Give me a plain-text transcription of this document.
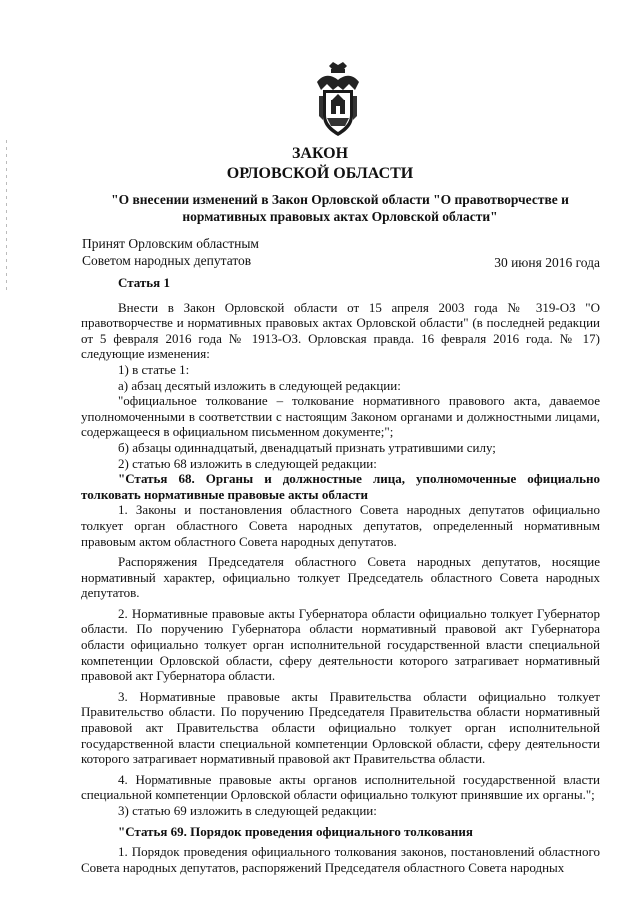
ЗАКОН
ОРЛОВСКОЙ ОБЛАСТИ
"О внесении изменений в Закон Орловской области "О правотворчестве и нормативных правовых актах Орловской области"
Принят Орловским областным
Советом народных депутатов	30 июня 2016 года

Статья 1

Внести в Закон Орловской области от 15 апреля 2003 года № 319-ОЗ "О правотворчестве и нормативных правовых актах Орловской области" (в последней редакции от 5 февраля 2016 года № 1913-ОЗ. Орловская правда. 16 февраля 2016 года. № 17) следующие изменения:

1) в статье 1:

а) абзац десятый изложить в следующей редакции:

"официальное толкование – толкование нормативного правового акта, даваемое уполномоченными в соответствии с настоящим Законом органами и должностными лицами, содержащееся в официальном письменном документе;";

б) абзацы одиннадцатый, двенадцатый признать утратившими силу;

2) статью 68 изложить в следующей редакции:

"Статья 68. Органы и должностные лица, уполномоченные официально толковать нормативные правовые акты области

1. Законы и постановления областного Совета народных депутатов официально толкует орган областного Совета народных депутатов, определенный нормативным правовым актом областного Совета народных депутатов.

Распоряжения Председателя областного Совета народных депутатов, носящие нормативный характер, официально толкует Председатель областного Совета народных депутатов.

2. Нормативные правовые акты Губернатора области официально толкует Губернатор области. По поручению Губернатора области нормативный правовой акт Губернатора области официально толкует орган исполнительной государственной власти специальной компетенции Орловской области, сферу деятельности которого затрагивает нормативный правовой акт Губернатора области.

3. Нормативные правовые акты Правительства области официально толкует Правительство области. По поручению Председателя Правительства области нормативный правовой акт Правительства области официально толкует орган исполнительной государственной власти специальной компетенции Орловской области, сферу деятельности которого затрагивает нормативный правовой акт Правительства области.

4. Нормативные правовые акты органов исполнительной государственной власти специальной компетенции Орловской области официально толкуют принявшие их органы.";

3) статью 69 изложить в следующей редакции:

"Статья 69. Порядок проведения официального толкования

1. Порядок проведения официального толкования законов, постановлений областного Совета народных депутатов, распоряжений Председателя областного Совета народных
